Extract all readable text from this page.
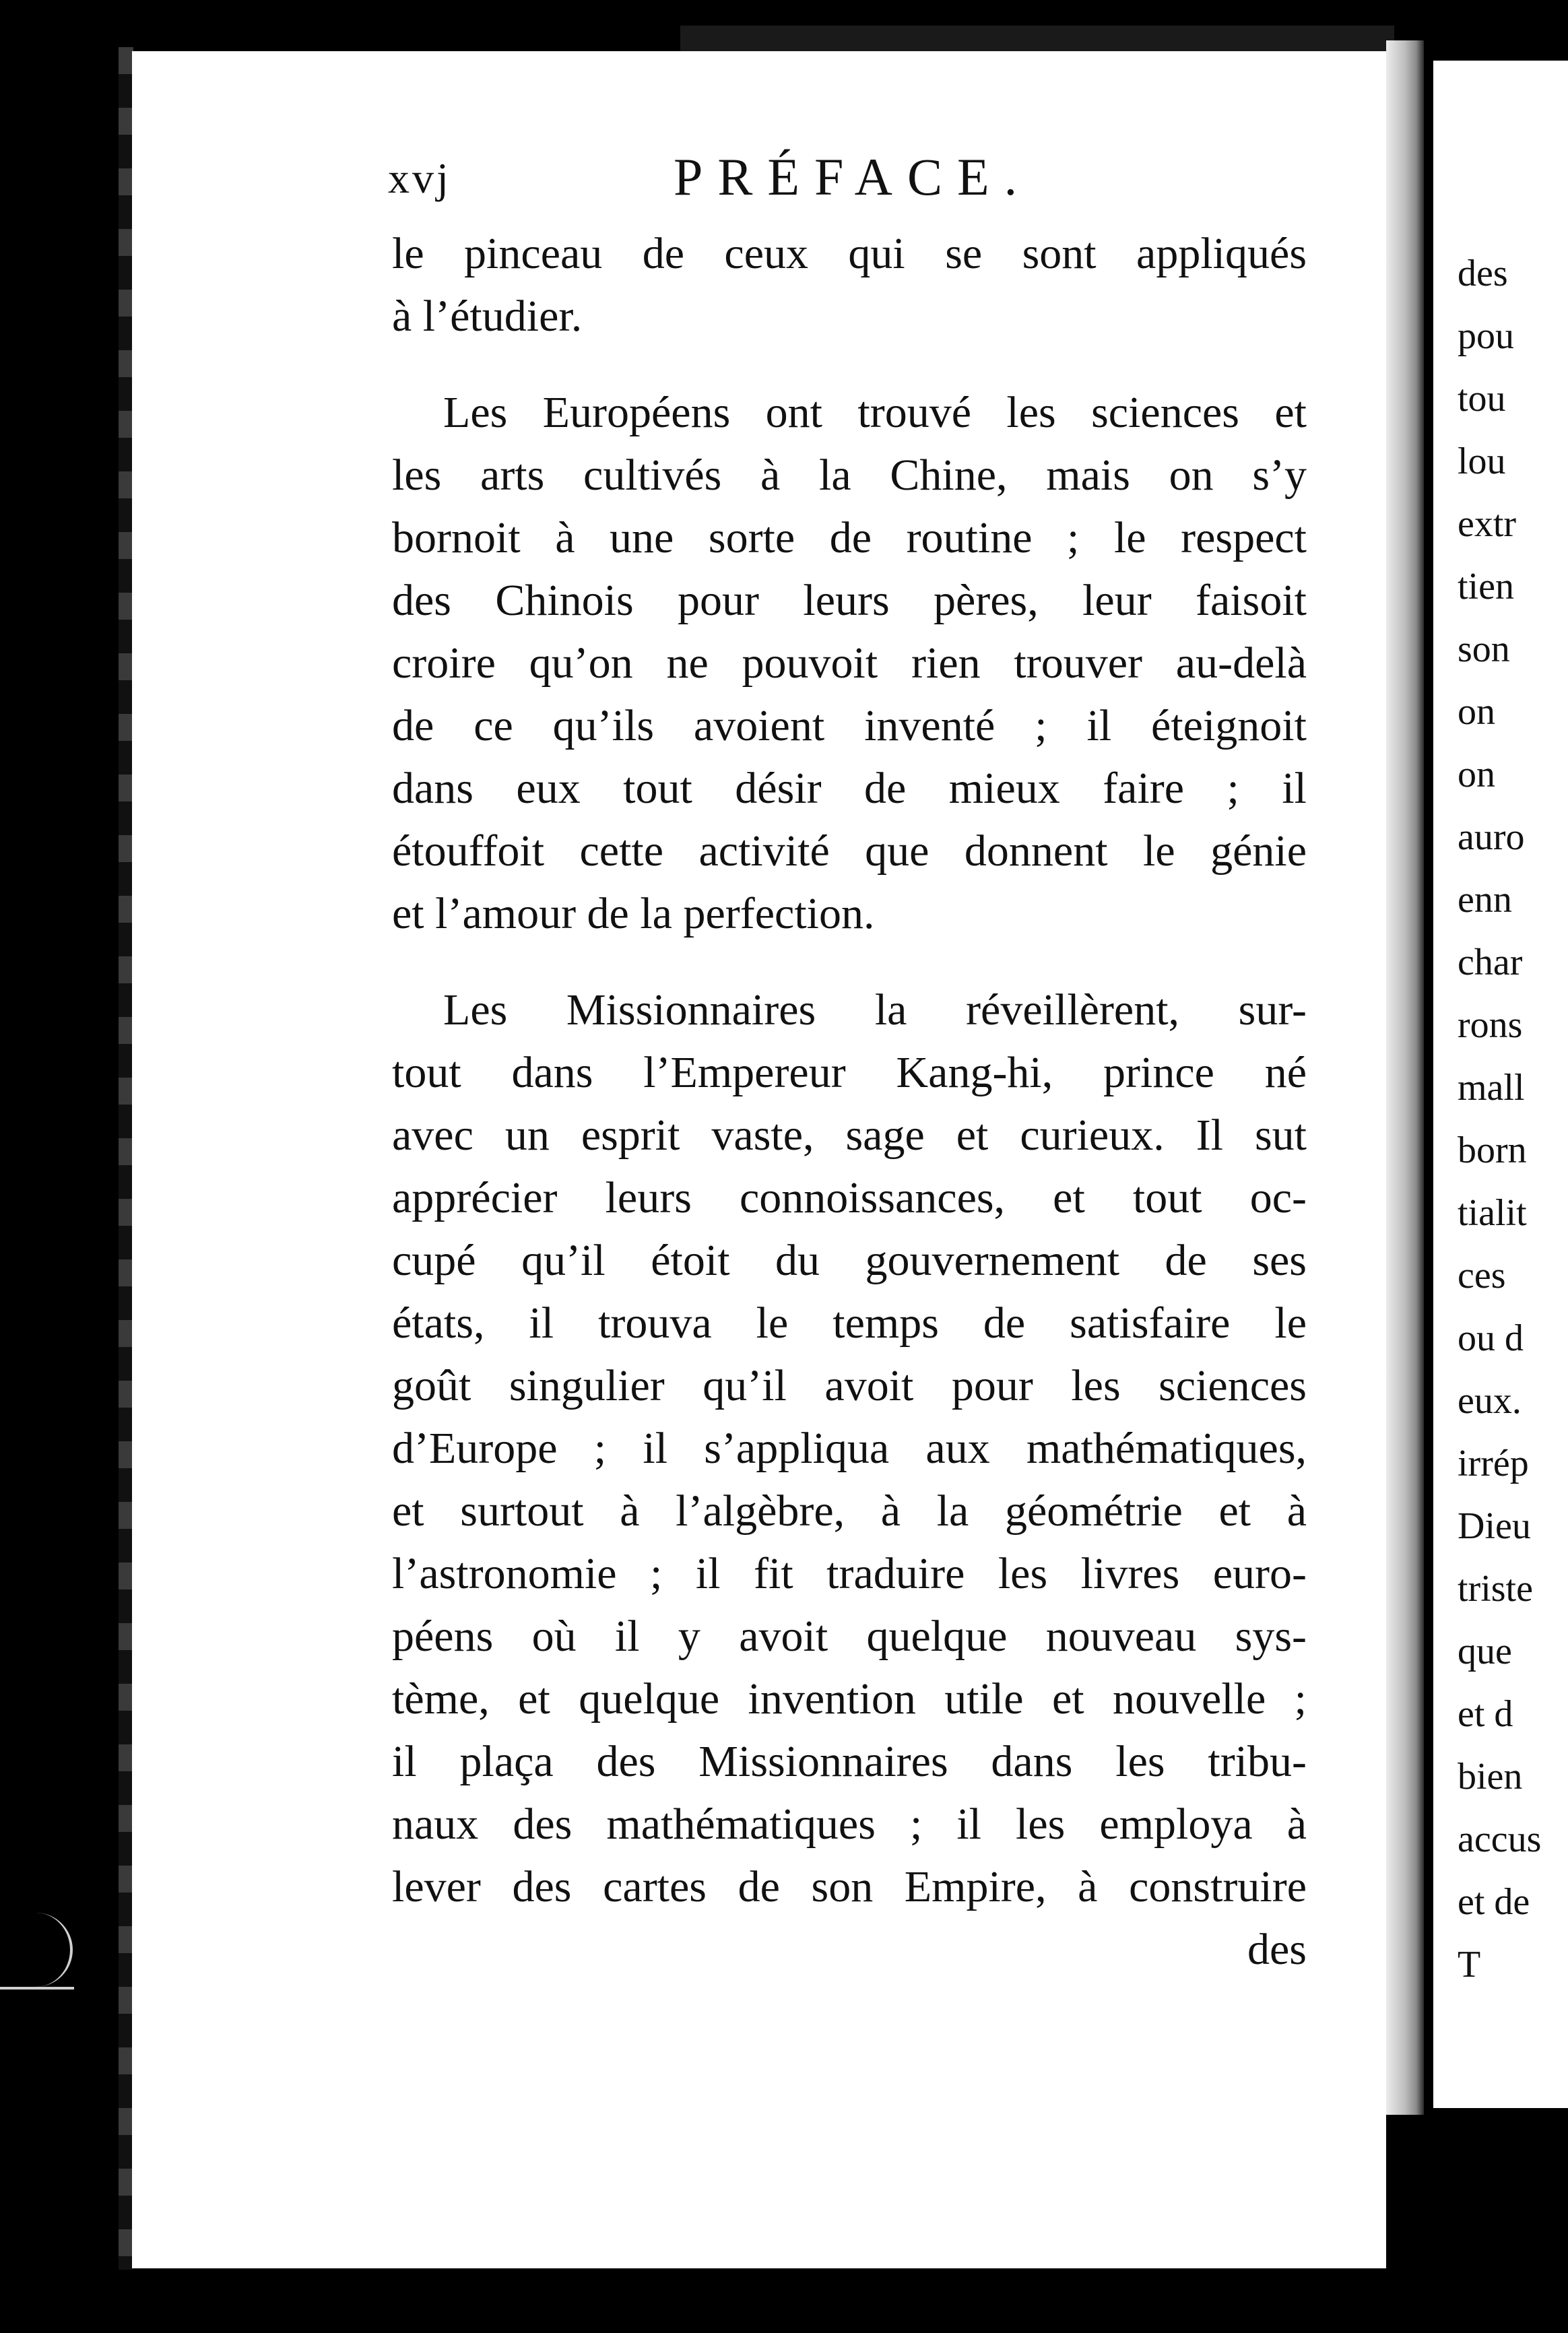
xvj	PRÉFACE.
le pinceau de ceux qui se sont appliqués
à l’étudier.
Les Européens ont trouvé les sciences et
les arts cultivés à la Chine, mais on s’y
bornoit à une sorte de routine ; le respect
des Chinois pour leurs pères, leur faisoit
croire qu’on ne pouvoit rien trouver au-delà
de ce qu’ils avoient inventé ; il éteignoit
dans eux tout désir de mieux faire ; il
étouffoit cette activité que donnent le génie
et l’amour de la perfection.
Les Missionnaires la réveillèrent, sur-
tout dans l’Empereur Kang-hi, prince né
avec un esprit vaste, sage et curieux. Il sut
apprécier leurs connoissances, et tout oc-
cupé qu’il étoit du gouvernement de ses
états, il trouva le temps de satisfaire le
goût singulier qu’il avoit pour les sciences
d’Europe ; il s’appliqua aux mathématiques,
et surtout à l’algèbre, à la géométrie et à
l’astronomie ; il fit traduire les livres euro-
péens où il y avoit quelque nouveau sys-
tème, et quelque invention utile et nouvelle ;
il plaça des Missionnaires dans les tribu-
naux des mathématiques ; il les employa à
lever des cartes de son Empire, à construire
des
des
pou
tou
lou
extr
tien
son
on
on
auro
enn
char
rons
mall
born
tialit
ces
ou d
eux.
irrép
Dieu
triste
que
et d
bien
accus
et de
T
